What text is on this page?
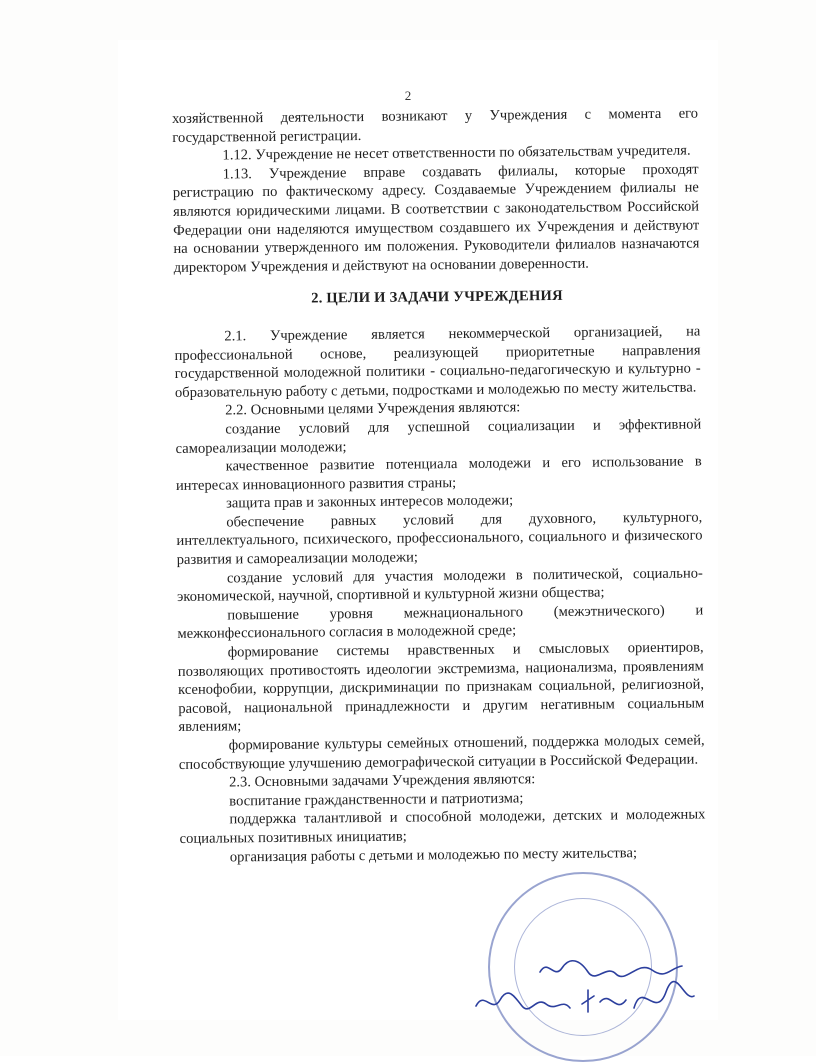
2

хозяйственной деятельности возникают у Учреждения с момента его государственной регистрации.

1.12. Учреждение не несет ответственности по обязательствам учредителя.

1.13. Учреждение вправе создавать филиалы, которые проходят регистрацию по фактическому адресу. Создаваемые Учреждением филиалы не являются юридическими лицами. В соответствии с законодательством Российской Федерации они наделяются имуществом создавшего их Учреждения и действуют на основании утвержденного им положения. Руководители филиалов назначаются директором Учреждения и действуют на основании доверенности.

2. ЦЕЛИ И ЗАДАЧИ УЧРЕЖДЕНИЯ

2.1. Учреждение является некоммерческой организацией, на профессиональной основе, реализующей приоритетные направления государственной молодежной политики - социально-педагогическую и культурно - образовательную работу с детьми, подростками и молодежью по месту жительства.

2.2. Основными целями Учреждения являются:

создание условий для успешной социализации и эффективной самореализации молодежи;

качественное развитие потенциала молодежи и его использование в интересах инновационного развития страны;

защита прав и законных интересов молодежи;

обеспечение равных условий для духовного, культурного, интеллектуального, психического, профессионального, социального и физического развития и самореализации молодежи;

создание условий для участия молодежи в политической, социально-экономической, научной, спортивной и культурной жизни общества;

повышение уровня межнационального (межэтнического) и межконфессионального согласия в молодежной среде;

формирование системы нравственных и смысловых ориентиров, позволяющих противостоять идеологии экстремизма, национализма, проявлениям ксенофобии, коррупции, дискриминации по признакам социальной, религиозной, расовой, национальной принадлежности и другим негативным социальным явлениям;

формирование культуры семейных отношений, поддержка молодых семей, способствующие улучшению демографической ситуации в Российской Федерации.

2.3. Основными задачами Учреждения являются:

воспитание гражданственности и патриотизма;

поддержка талантливой и способной молодежи, детских и молодежных социальных позитивных инициатив;

организация работы с детьми и молодежью по месту жительства;
